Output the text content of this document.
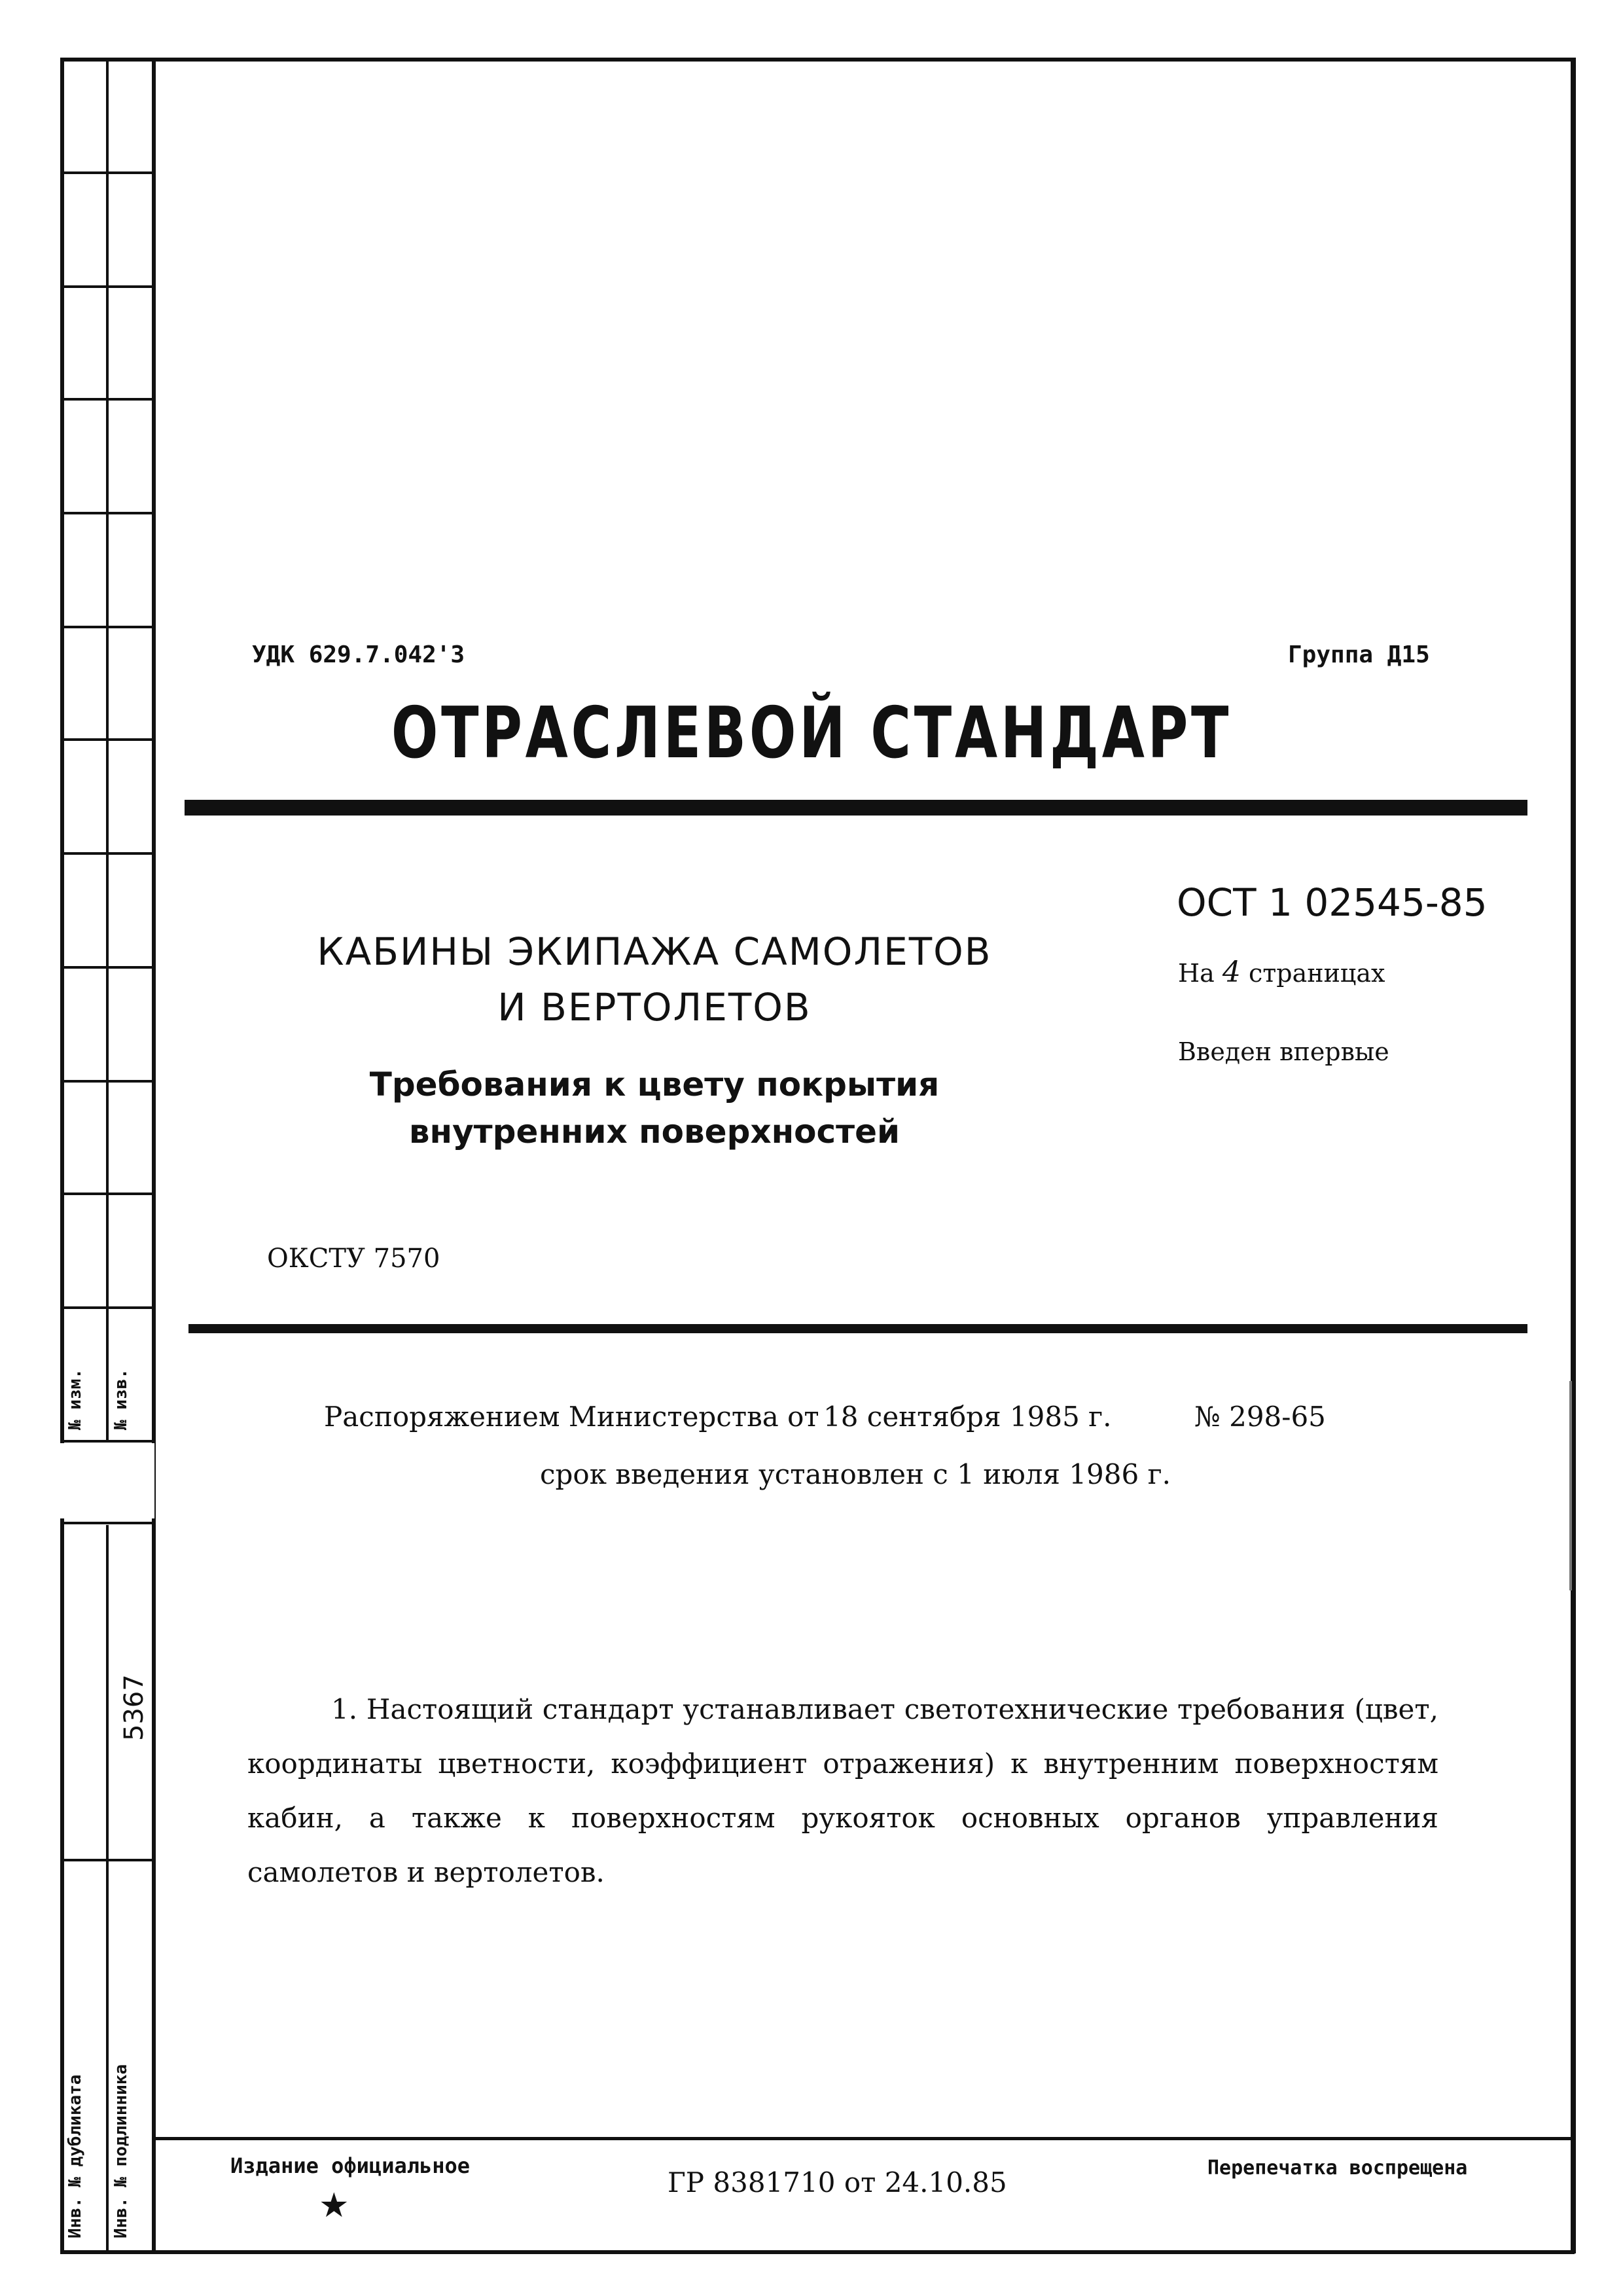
№ изм. № изв.
5367
Инв. № дубликата Инв. № подлинника
УДК 629.7.042'3	Группа Д15
ОТРАСЛЕВОЙ СТАНДАРТ
КАБИНЫ ЭКИПАЖА САМОЛЕТОВ
И ВЕРТОЛЕТОВ
Требования к цвету покрытия
внутренних поверхностей
ОСТ 1 02545-85
На 4 страницах
Введен впервые
ОКСТУ 7570
Распоряжением Министерства от 18 сентября 1985 г.	№ 298-65
срок введения установлен с 1 июля 1986 г.
1. Настоящий стандарт устанавливает светотехнические требования (цвет, координаты цветности, коэффициент отражения) к внутренним поверхностям кабин, а также к поверхностям рукояток основных органов управления самолетов и вертолетов.
Издание официальное
★
ГР 8381710 от 24.10.85	Перепечатка воспрещена
